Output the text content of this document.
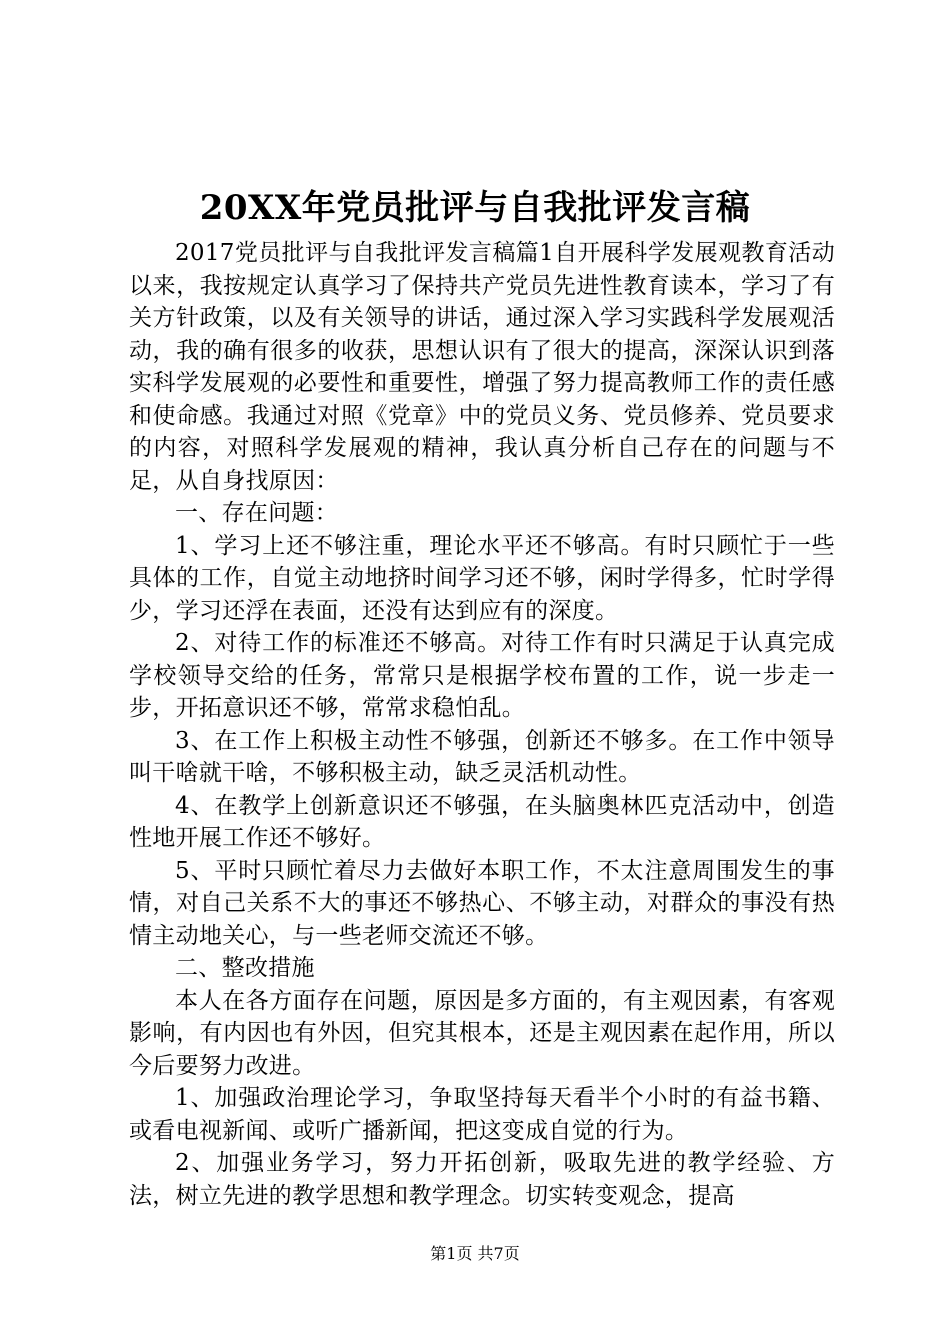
20XX年党员批评与自我批评发言稿

2017党员批评与自我批评发言稿篇1自开展科学发展观教育活动以来，我按规定认真学习了保持共产党员先进性教育读本，学习了有关方针政策，以及有关领导的讲话，通过深入学习实践科学发展观活动，我的确有很多的收获，思想认识有了很大的提高，深深认识到落实科学发展观的必要性和重要性，增强了努力提高教师工作的责任感和使命感。我通过对照《党章》中的党员义务、党员修养、党员要求的内容，对照科学发展观的精神，我认真分析自己存在的问题与不足，从自身找原因：

一、存在问题：

1、学习上还不够注重，理论水平还不够高。有时只顾忙于一些具体的工作，自觉主动地挤时间学习还不够，闲时学得多，忙时学得少，学习还浮在表面，还没有达到应有的深度。

2、对待工作的标准还不够高。对待工作有时只满足于认真完成学校领导交给的任务，常常只是根据学校布置的工作，说一步走一步，开拓意识还不够，常常求稳怕乱。

3、在工作上积极主动性不够强，创新还不够多。在工作中领导叫干啥就干啥，不够积极主动，缺乏灵活机动性。

4、在教学上创新意识还不够强，在头脑奥林匹克活动中，创造性地开展工作还不够好。

5、平时只顾忙着尽力去做好本职工作，不太注意周围发生的事情，对自己关系不大的事还不够热心、不够主动，对群众的事没有热情主动地关心，与一些老师交流还不够。

二、整改措施

本人在各方面存在问题，原因是多方面的，有主观因素，有客观影响，有内因也有外因，但究其根本，还是主观因素在起作用，所以今后要努力改进。

1、加强政治理论学习，争取坚持每天看半个小时的有益书籍、或看电视新闻、或听广播新闻，把这变成自觉的行为。

2、加强业务学习，努力开拓创新，吸取先进的教学经验、方法，树立先进的教学思想和教学理念。切实转变观念，提高

第1页 共7页
